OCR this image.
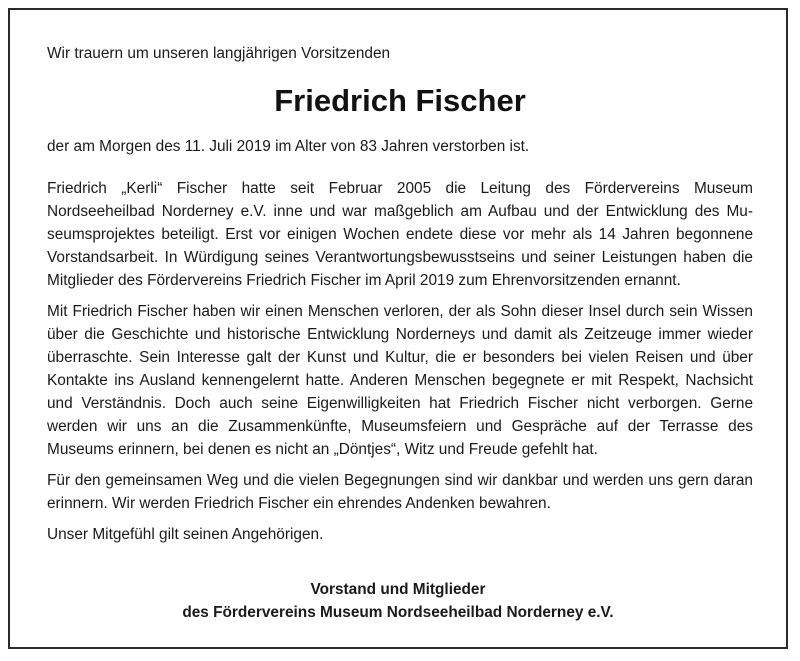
Wir trauern um unseren langjährigen Vorsitzenden

Friedrich Fischer

der am Morgen des 11. Juli 2019 im Alter von 83 Jahren verstorben ist.

Friedrich „Kerli“ Fischer hatte seit Februar 2005 die Leitung des Fördervereins Museum Nordseeheilbad Norderney e.V. inne und war maßgeblich am Aufbau und der Entwicklung des Museumsprojektes beteiligt. Erst vor einigen Wochen endete diese vor mehr als 14 Jahren begonnene Vorstandsarbeit. In Würdigung seines Verantwortungsbewusstseins und seiner Leistungen haben die Mitglieder des Fördervereins Friedrich Fischer im April 2019 zum Ehrenvorsitzenden ernannt.

Mit Friedrich Fischer haben wir einen Menschen verloren, der als Sohn dieser Insel durch sein Wissen über die Geschichte und historische Entwicklung Norderneys und damit als Zeitzeuge immer wieder überraschte. Sein Interesse galt der Kunst und Kultur, die er besonders bei vielen Reisen und über Kontakte ins Ausland kennengelernt hatte. Anderen Menschen begegnete er mit Respekt, Nachsicht und Verständnis. Doch auch seine Eigenwilligkeiten hat Friedrich Fischer nicht verborgen. Gerne werden wir uns an die Zusammenkünfte, Museumsfeiern und Gespräche auf der Terrasse des Museums erinnern, bei denen es nicht an „Döntjes“, Witz und Freude gefehlt hat.

Für den gemeinsamen Weg und die vielen Begegnungen sind wir dankbar und werden uns gern daran erinnern. Wir werden Friedrich Fischer ein ehrendes Andenken bewahren.

Unser Mitgefühl gilt seinen Angehörigen.

Vorstand und Mitglieder
des Fördervereins Museum Nordseeheilbad Norderney e.V.
